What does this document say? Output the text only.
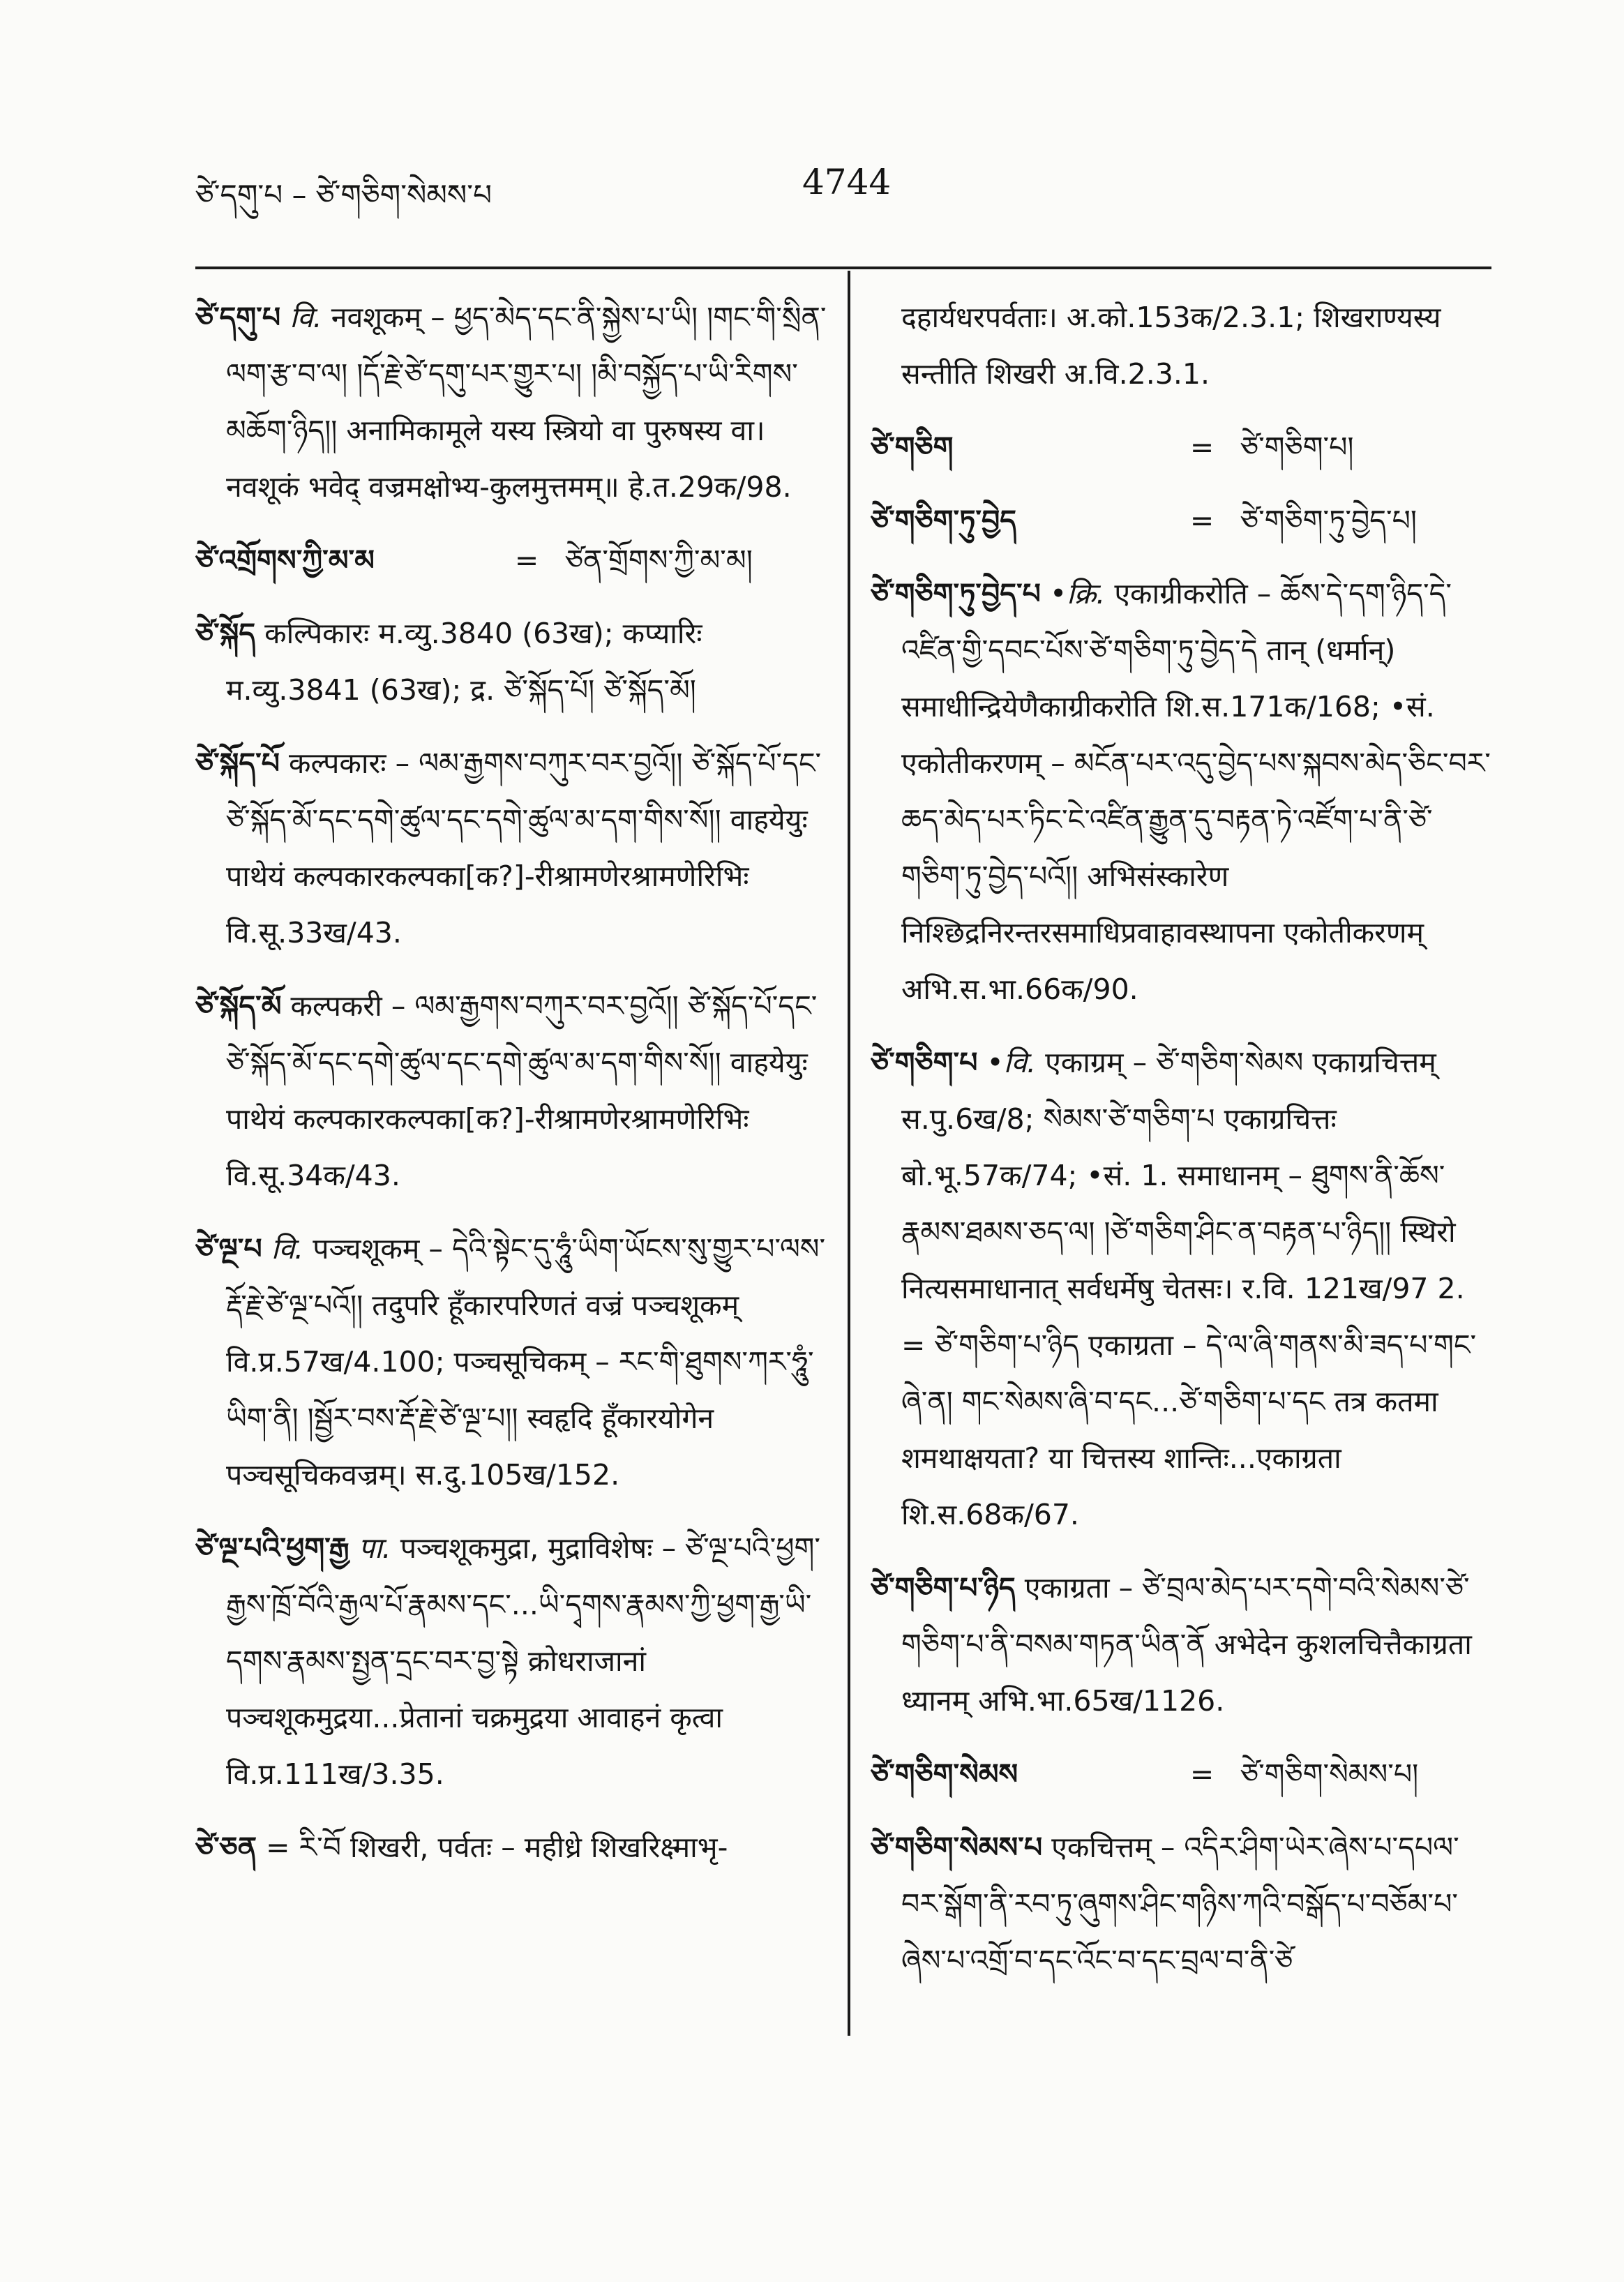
ཙེ་དགུ་པ – ཙེ་གཅིག་སེམས་པ	4744

ཙེ་དགུ་པ वि. नवशूकम् – ཕྱད་མེད་དང་ནི་སྐྱེས་པ་ཡི། །གང་གི་སྲིན་ལག་རྩ་བ་ལ། །དོ་རྗེ་ཙེ་དགུ་པར་གྱུར་པ། །མི་བསྐྱོད་པ་ཡི་རིགས་མཆོག་ཉིད།། अनामिकामूले यस्य स्त्रियो वा पुरुषस्य वा। नवशूकं भवेद् वज्रमक्षोभ्य-कुलमुत्तमम्॥ हे.त.29क/98.

ཙེ་འགྲོགས་ཀྱི་མ་མ	= ཙེན་གྲོགས་ཀྱི་མ་མ།

ཙེ་སྐོད कल्पिकारः म.व्यु.3840 (63ख); कप्यारिः म.व्यु.3841 (63ख); द्र. ཙེ་སྐོད་པོ། ཙེ་སྐོད་མོ།

ཙེ་སྐོད་པོ कल्पकारः – ལམ་རྒྱགས་བཀུར་བར་བྱའོ།། ཙེ་སྐོད་པོ་དང་ཙེ་སྐོད་མོ་དང་དགེ་ཚུལ་དང་དགེ་ཚུལ་མ་དག་གིས་སོ།། वाहयेयुः पाथेयं कल्पकारकल्पका[क?]-रीश्रामणेरश्रामणेरिभिः वि.सू.33ख/43.

ཙེ་སྐོད་མོ कल्पकरी – ལམ་རྒྱགས་བཀུར་བར་བྱའོ།། ཙེ་སྐོད་པོ་དང་ཙེ་སྐོད་མོ་དང་དགེ་ཚུལ་དང་དགེ་ཚུལ་མ་དག་གིས་སོ།། वाहयेयुः पाथेयं कल्पकारकल्पका[क?]-रीश्रामणेरश्रामणेरिभिः वि.सू.34क/43.

ཙེ་ལྔ་པ वि. पञ्चशूकम् – དེའི་སྟེང་དུ་ཧཱུཾ་ཡིག་ཡོངས་སུ་གྱུར་པ་ལས་རྡོ་རྗེ་ཙེ་ལྔ་པའོ།། तदुपरि हूँकारपरिणतं वज्रं पञ्चशूकम् वि.प्र.57ख/4.100; पञ्चसूचिकम् – རང་གི་ཐུགས་ཀར་ཧཱུཾ་ཡིག་ནི། །སྦྱོར་བས་རྡོ་རྗེ་ཙེ་ལྔ་པ།། स्वहृदि हूँकारयोगेन पञ्चसूचिकवज्रम्। स.दु.105ख/152.

ཙེ་ལྔ་པའི་ཕྱག་རྒྱ पा. पञ्चशूकमुद्रा, मुद्राविशेषः – ཙེ་ལྔ་པའི་ཕྱག་རྒྱས་ཁྲོ་བོའི་རྒྱལ་པོ་རྣམས་དང་...ཡི་དྭགས་རྣམས་ཀྱི་ཕྱག་རྒྱ་ཡི་དགས་རྣམས་སྤྱན་དྲང་བར་བྱ་སྟེ क्रोधराजानां पञ्चशूकमुद्रया...प्रेतानां चक्रमुद्रया आवाहनं कृत्वा वि.प्र.111ख/3.35.

ཙེ་ཅན = རི་བོ शिखरी, पर्वतः – महीध्रे शिखरिक्ष्माभृ-

दहार्यधरपर्वताः। अ.को.153क/2.3.1; शिखराण्यस्य सन्तीति शिखरी अ.वि.2.3.1.

ཙེ་གཅིག	= ཙེ་གཅིག་པ།
ཙེ་གཅིག་ཏུ་བྱེད	= ཙེ་གཅིག་ཏུ་བྱེད་པ།

ཙེ་གཅིག་ཏུ་བྱེད་པ •क्रि. एकाग्रीकरोति – ཆོས་དེ་དག་ཉིད་དེ་འཛིན་གྱི་དབང་པོས་ཙེ་གཅིག་ཏུ་བྱེད་དེ तान् (धर्मान्) समाधीन्द्रियेणैकाग्रीकरोति शि.स.171क/168; •सं. एकोतीकरणम् – མངོན་པར་འདུ་བྱེད་པས་སྐབས་མེད་ཅིང་བར་ཆད་མེད་པར་ཏིང་ངེ་འཛིན་རྒྱུན་དུ་བརྟན་ཏེ་འཛོག་པ་ནི་ཙེ་གཅིག་ཏུ་བྱེད་པའོ།། अभिसंस्कारेण निश्छिद्रनिरन्तरसमाधिप्रवाहावस्थापना एकोतीकरणम् अभि.स.भा.66क/90.

ཙེ་གཅིག་པ •वि. एकाग्रम् – ཙེ་གཅིག་སེམས एकाग्रचित्तम् स.पु.6ख/8; སེམས་ཙེ་གཅིག་པ एकाग्रचित्तः बो.भू.57क/74; •सं. 1. समाधानम् – ཐུགས་ནི་ཆོས་རྣམས་ཐམས་ཅད་ལ། །ཙེ་གཅིག་ཤིང་ན་བརྟན་པ་ཉིད།། स्थिरो नित्यसमाधानात् सर्वधर्मेषु चेतसः। र.वि. 121ख/97 2. = ཙེ་གཅིག་པ་ཉིད एकाग्रता – དེ་ལ་ཞི་གནས་མི་ཟད་པ་གང་ཞེ་ན། གང་སེམས་ཞི་བ་དང...ཙེ་གཅིག་པ་དང तत्र कतमा शमथाक्षयता? या चित्तस्य शान्तिः...एकाग्रता शि.स.68क/67.

ཙེ་གཅིག་པ་ཉིད एकाग्रता – ཙེ་བྲལ་མེད་པར་དགེ་བའི་སེམས་ཙེ་གཅིག་པ་ནི་བསམ་གཏན་ཡིན་ནོ अभेदेन कुशलचित्तैकाग्रता ध्यानम् अभि.भा.65ख/1126.

ཙེ་གཅིག་སེམས	= ཙེ་གཅིག་སེམས་པ།

ཙེ་གཅིག་སེམས་པ एकचित्तम् – འདིར་ཤིག་ཡེར་ཞེས་པ་དཔལ་བར་སྒོག་ནི་རབ་ཏུ་ཞུགས་ཤིང་གཉིས་ཀའི་བསྒོད་པ་བཅོམ་པ་ཞེས་པ་འགྲོ་བ་དང་འོང་བ་དང་བྲལ་བ་ནི་ཙེ
